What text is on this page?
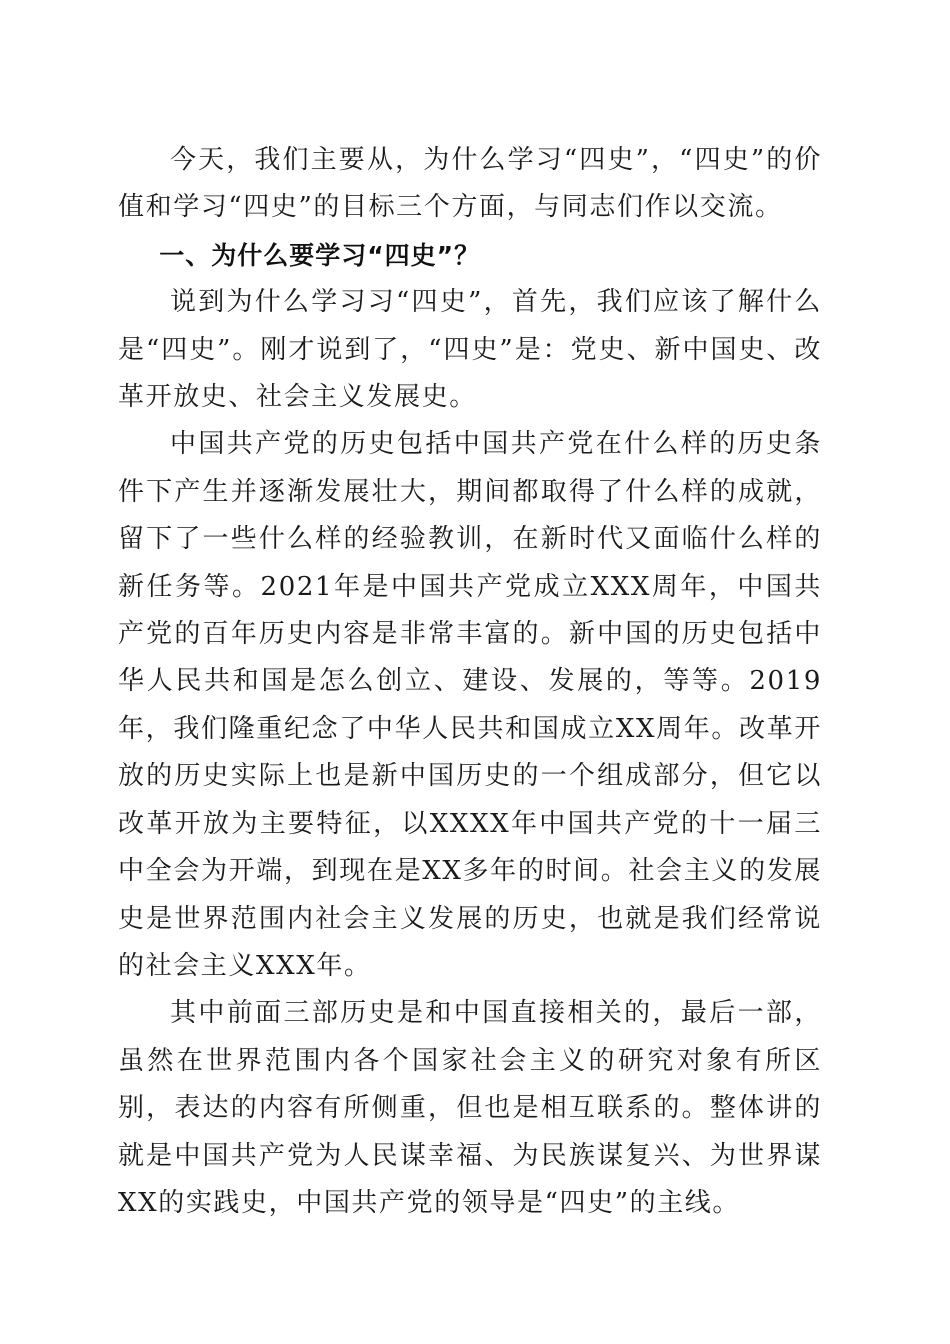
今天，我们主要从，为什么学习“四史”，“四史”的价值和学习“四史”的目标三个方面，与同志们作以交流。

一、为什么要学习“四史”？

说到为什么学习习“四史”，首先，我们应该了解什么是“四史”。刚才说到了，“四史”是：党史、新中国史、改革开放史、社会主义发展史。

中国共产党的历史包括中国共产党在什么样的历史条件下产生并逐渐发展壮大，期间都取得了什么样的成就，留下了一些什么样的经验教训，在新时代又面临什么样的新任务等。2021年是中国共产党成立XXX周年，中国共产党的百年历史内容是非常丰富的。新中国的历史包括中华人民共和国是怎么创立、建设、发展的，等等。2019年，我们隆重纪念了中华人民共和国成立XX周年。改革开放的历史实际上也是新中国历史的一个组成部分，但它以改革开放为主要特征，以XXXX年中国共产党的十一届三中全会为开端，到现在是XX多年的时间。社会主义的发展史是世界范围内社会主义发展的历史，也就是我们经常说的社会主义XXX年。

其中前面三部历史是和中国直接相关的，最后一部，虽然在世界范围内各个国家社会主义的研究对象有所区别，表达的内容有所侧重，但也是相互联系的。整体讲的就是中国共产党为人民谋幸福、为民族谋复兴、为世界谋XX的实践史，中国共产党的领导是“四史”的主线。
